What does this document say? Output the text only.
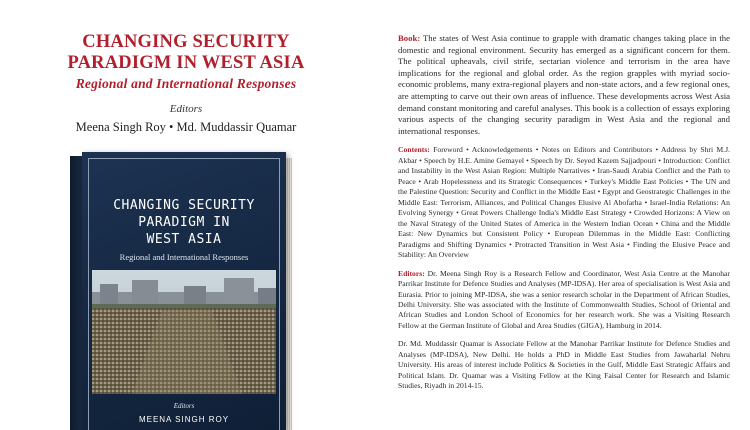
CHANGING SECURITY
PARADIGM IN WEST ASIA
Regional and International Responses
Editors
Meena Singh Roy • Md. Muddassir Quamar
CHANGING SECURITY
PARADIGM IN
WEST ASIA
Regional and International Responses
Editors
MEENA SINGH ROY

Book: The states of West Asia continue to grapple with dramatic changes taking place in the domestic and regional environment. Security has emerged as a significant concern for them. The political upheavals, civil strife, sectarian violence and terrorism in the area have implications for the regional and global order. As the region grapples with myriad socio-economic problems, many extra-regional players and non-state actors, and a few regional ones, are attempting to carve out their own areas of influence. These developments across West Asia demand constant monitoring and careful analyses. This book is a collection of essays exploring various aspects of the changing security paradigm in West Asia and the regional and international responses.

Contents: Foreword • Acknowledgements • Notes on Editors and Contributors • Address by Shri M.J. Akbar • Speech by H.E. Amine Gemayel • Speech by Dr. Seyed Kazem Sajjadpouri • Introduction: Conflict and Instability in the West Asian Region: Multiple Narratives • Iran-Saudi Arabia Conflict and the Path to Peace • Arab Hopelessness and its Strategic Consequences • Turkey's Middle East Policies • The UN and the Palestine Question: Security and Conflict in the Middle East • Egypt and Geostrategic Challenges in the Middle East: Terrorism, Alliances, and Political Changes Elusive Al Abofarha • Israel-India Relations: An Evolving Synergy • Great Powers Challenge India's Middle East Strategy • Crowded Horizons: A View on the Naval Strategy of the United States of America in the Western Indian Ocean • China and the Middle East: New Dynamics but Consistent Policy • European Dilemmas in the Middle East: Conflicting Paradigms and Shifting Dynamics • Protracted Transition in West Asia • Finding the Elusive Peace and Stability: An Overview

Editors: Dr. Meena Singh Roy is a Research Fellow and Coordinator, West Asia Centre at the Manohar Parrikar Institute for Defence Studies and Analyses (MP-IDSA). Her area of specialisation is West Asia and Eurasia. Prior to joining MP-IDSA, she was a senior research scholar in the Department of African Studies, Delhi University. She was associated with the Institute of Commonwealth Studies, School of Oriental and African Studies and London School of Economics for her research work. She was a Visiting Research Fellow at the German Institute of Global and Area Studies (GIGA), Hamburg in 2014.

Dr. Md. Muddassir Quamar is Associate Fellow at the Manohar Parrikar Institute for Defence Studies and Analyses (MP-IDSA), New Delhi. He holds a PhD in Middle East Studies from Jawaharlal Nehru University. His areas of interest include Politics & Societies in the Gulf, Middle East Strategic Affairs and Political Islam. Dr. Quamar was a Visiting Fellow at the King Faisal Center for Research and Islamic Studies, Riyadh in 2014-15.
